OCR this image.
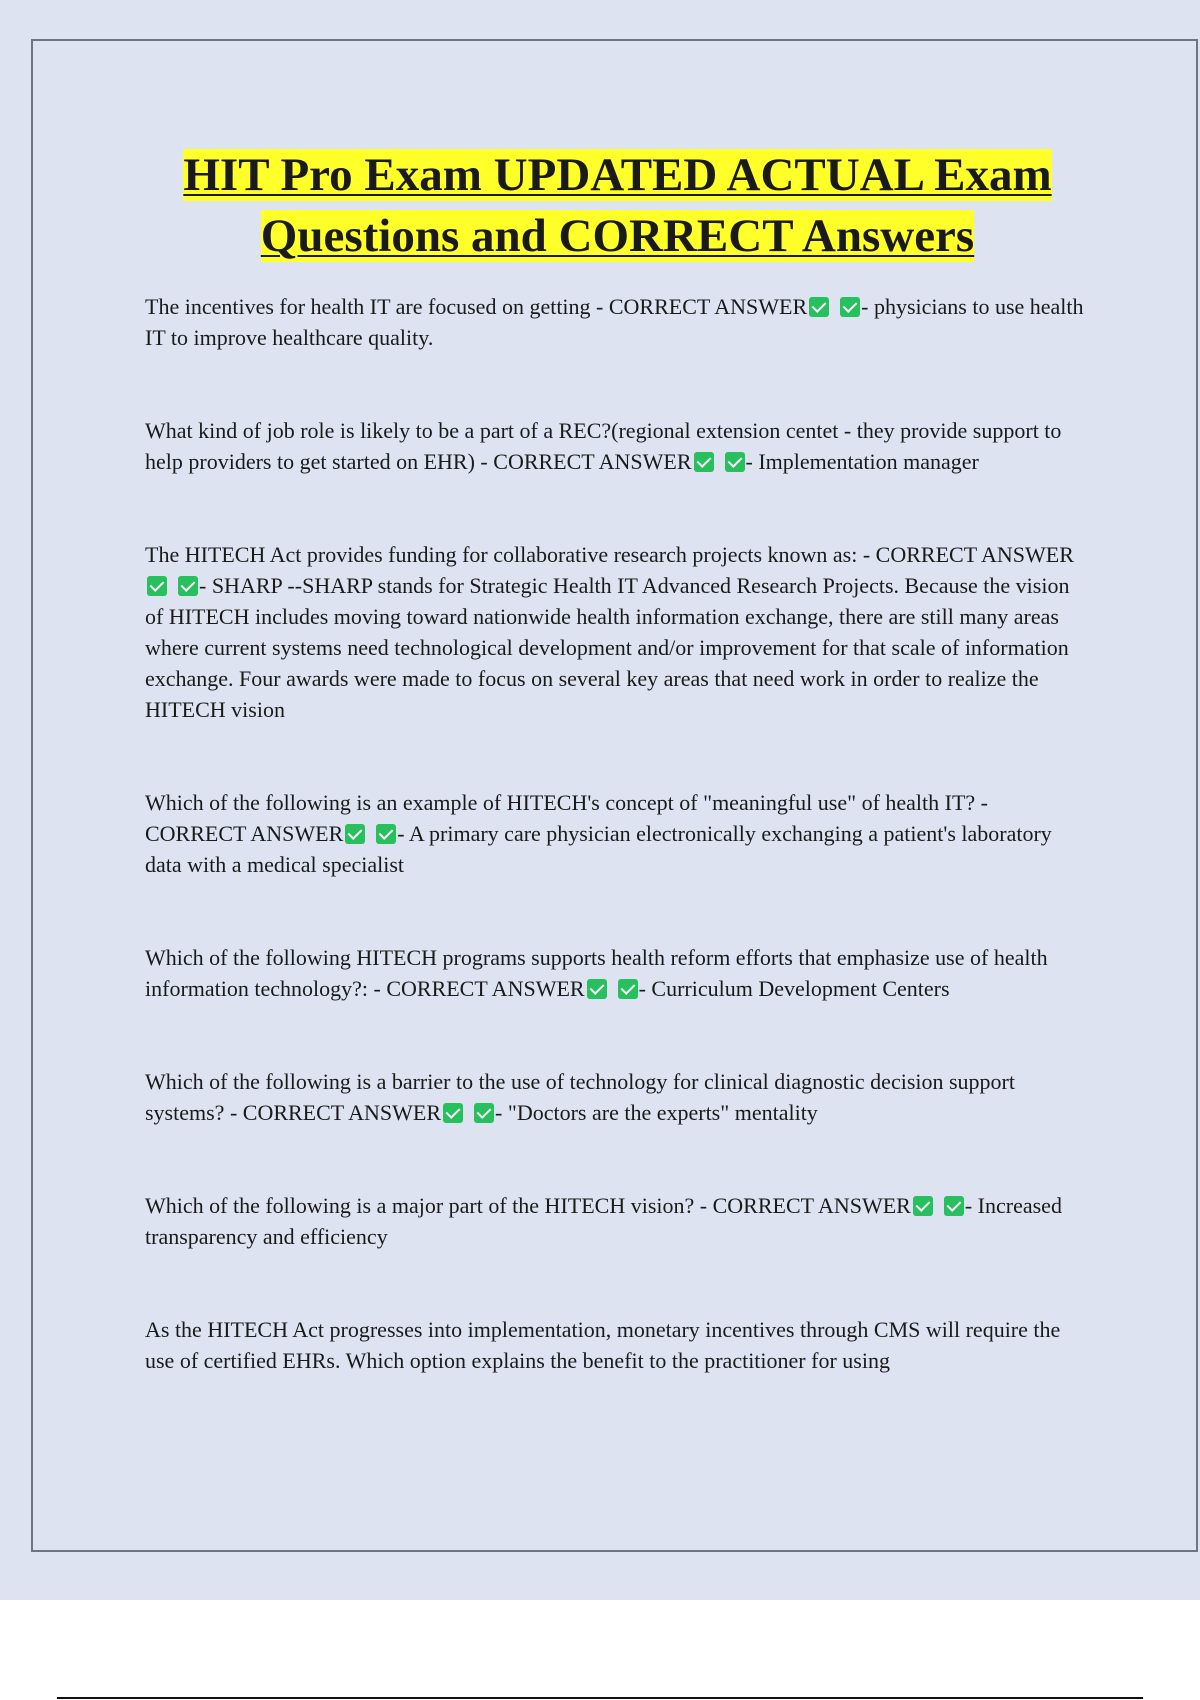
HIT Pro Exam UPDATED ACTUAL Exam
Questions and CORRECT Answers
The incentives for health IT are focused on getting - CORRECT ANSWER - physicians to use health IT to improve healthcare quality.
What kind of job role is likely to be a part of a REC?(regional extension centet - they provide support to help providers to get started on EHR) - CORRECT ANSWER - Implementation manager
The HITECH Act provides funding for collaborative research projects known as: - CORRECT ANSWER- SHARP --SHARP stands for Strategic Health IT Advanced Research Projects. Because the vision of HITECH includes moving toward nationwide health information exchange, there are still many areas where current systems need technological development and/or improvement for that scale of information exchange. Four awards were made to focus on several key areas that need work in order to realize the HITECH vision
Which of the following is an example of HITECH's concept of "meaningful use" of health IT? - CORRECT ANSWER - A primary care physician electronically exchanging a patient's laboratory data with a medical specialist
Which of the following HITECH programs supports health reform efforts that emphasize use of health information technology?: - CORRECT ANSWER - Curriculum Development Centers
Which of the following is a barrier to the use of technology for clinical diagnostic decision support systems? - CORRECT ANSWER - "Doctors are the experts" mentality
Which of the following is a major part of the HITECH vision? - CORRECT ANSWER - Increased transparency and efficiency
As the HITECH Act progresses into implementation, monetary incentives through CMS will require the use of certified EHRs. Which option explains the benefit to the practitioner for using
